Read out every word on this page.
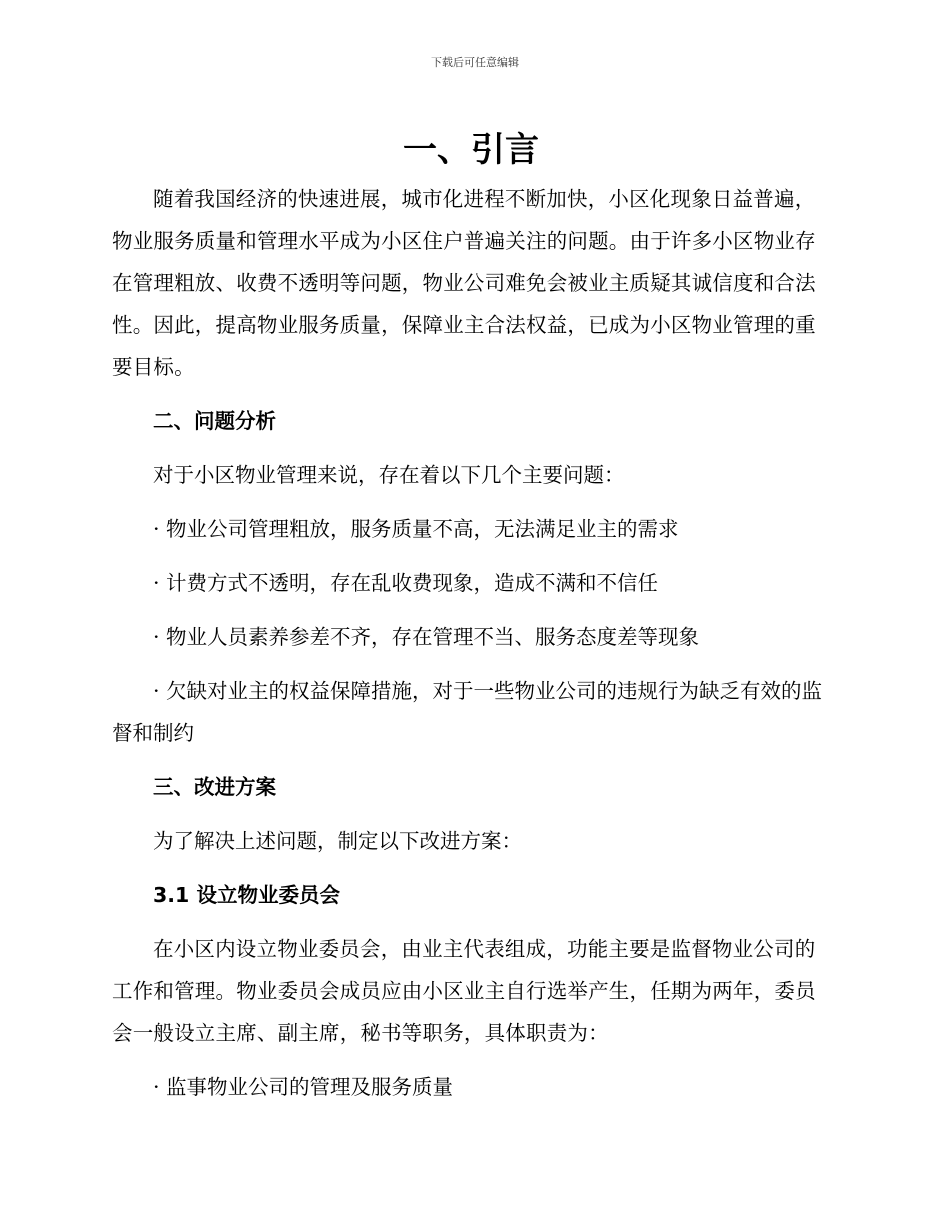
下载后可任意编辑
一、引言

随着我国经济的快速进展，城市化进程不断加快，小区化现象日益普遍，物业服务质量和管理水平成为小区住户普遍关注的问题。由于许多小区物业存在管理粗放、收费不透明等问题，物业公司难免会被业主质疑其诚信度和合法性。因此，提高物业服务质量，保障业主合法权益，已成为小区物业管理的重要目标。

二、问题分析

对于小区物业管理来说，存在着以下几个主要问题：

· 物业公司管理粗放，服务质量不高，无法满足业主的需求

· 计费方式不透明，存在乱收费现象，造成不满和不信任

· 物业人员素养参差不齐，存在管理不当、服务态度差等现象

· 欠缺对业主的权益保障措施，对于一些物业公司的违规行为缺乏有效的监督和制约

三、改进方案

为了解决上述问题，制定以下改进方案：

3.1 设立物业委员会

在小区内设立物业委员会，由业主代表组成，功能主要是监督物业公司的工作和管理。物业委员会成员应由小区业主自行选举产生，任期为两年，委员会一般设立主席、副主席，秘书等职务，具体职责为：

· 监事物业公司的管理及服务质量
